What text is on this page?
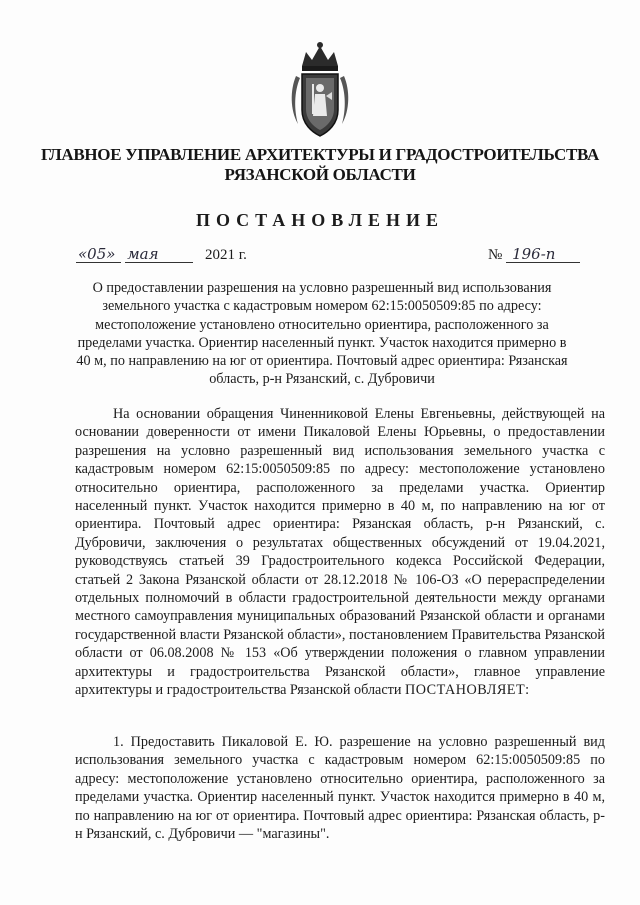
ГЛАВНОЕ УПРАВЛЕНИЕ АРХИТЕКТУРЫ И ГРАДОСТРОИТЕЛЬСТВА
РЯЗАНСКОЙ ОБЛАСТИ
ПОСТАНОВЛЕНИЕ
«05» мая	2021 г.	№ 196-п
О предоставлении разрешения на условно разрешенный вид использования земельного участка с кадастровым номером 62:15:0050509:85 по адресу: местоположение установлено относительно ориентира, расположенного за пределами участка. Ориентир населенный пункт. Участок находится примерно в 40 м, по направлению на юг от ориентира. Почтовый адрес ориентира: Рязанская область, р-н Рязанский, с. Дубровичи

На основании обращения Чиненниковой Елены Евгеньевны, действующей на основании доверенности от имени Пикаловой Елены Юрьевны, о предоставлении разрешения на условно разрешенный вид использования земельного участка с кадастровым номером 62:15:0050509:85 по адресу: местоположение установлено относительно ориентира, расположенного за пределами участка. Ориентир населенный пункт. Участок находится примерно в 40 м, по направлению на юг от ориентира. Почтовый адрес ориентира: Рязанская область, р-н Рязанский, с. Дубровичи, заключения о результатах общественных обсуждений от 19.04.2021, руководствуясь статьей 39 Градостроительного кодекса Российской Федерации, статьей 2 Закона Рязанской области от 28.12.2018 № 106-ОЗ «О перераспределении отдельных полномочий в области градостроительной деятельности между органами местного самоуправления муниципальных образований Рязанской области и органами государственной власти Рязанской области», постановлением Правительства Рязанской области от 06.08.2008 № 153 «Об утверждении положения о главном управлении архитектуры и градостроительства Рязанской области», главное управление архитектуры и градостроительства Рязанской области ПОСТАНОВЛЯЕТ:

1. Предоставить Пикаловой Е. Ю. разрешение на условно разрешенный вид использования земельного участка с кадастровым номером 62:15:0050509:85 по адресу: местоположение установлено относительно ориентира, расположенного за пределами участка. Ориентир населенный пункт. Участок находится примерно в 40 м, по направлению на юг от ориентира. Почтовый адрес ориентира: Рязанская область, р-н Рязанский, с. Дубровичи — "магазины".
